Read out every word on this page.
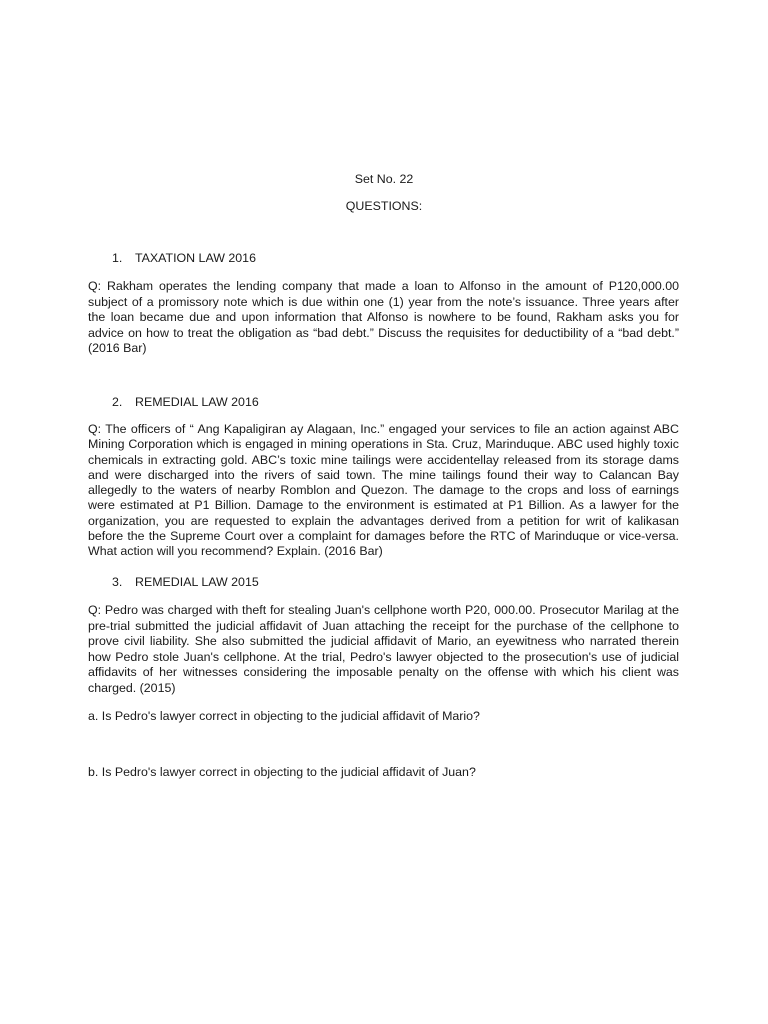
Set No. 22
QUESTIONS:
1. TAXATION LAW 2016
Q: Rakham operates the lending company that made a loan to Alfonso in the amount of P120,000.00 subject of a promissory note which is due within one (1) year from the note’s issuance. Three years after the loan became due and upon information that Alfonso is nowhere to be found, Rakham asks you for advice on how to treat the obligation as “bad debt.” Discuss the requisites for deductibility of a “bad debt.” (2016 Bar)
2. REMEDIAL LAW 2016
Q: The officers of “ Ang Kapaligiran ay Alagaan, Inc.” engaged your services to file an action against ABC Mining Corporation which is engaged in mining operations in Sta. Cruz, Marinduque. ABC used highly toxic chemicals in extracting gold. ABC’s toxic mine tailings were accidentellay released from its storage dams and were discharged into the rivers of said town. The mine tailings found their way to Calancan Bay allegedly to the waters of nearby Romblon and Quezon. The damage to the crops and loss of earnings were estimated at P1 Billion. Damage to the environment is estimated at P1 Billion. As a lawyer for the organization, you are requested to explain the advantages derived from a petition for writ of kalikasan before the the Supreme Court over a complaint for damages before the RTC of Marinduque or vice-versa. What action will you recommend? Explain. (2016 Bar)
3. REMEDIAL LAW 2015
Q: Pedro was charged with theft for stealing Juan's cellphone worth P20, 000.00. Prosecutor Marilag at the pre-trial submitted the judicial affidavit of Juan attaching the receipt for the purchase of the cellphone to prove civil liability. She also submitted the judicial affidavit of Mario, an eyewitness who narrated therein how Pedro stole Juan's cellphone. At the trial, Pedro's lawyer objected to the prosecution's use of judicial affidavits of her witnesses considering the imposable penalty on the offense with which his client was charged. (2015)
a. Is Pedro's lawyer correct in objecting to the judicial affidavit of Mario?
b. Is Pedro's lawyer correct in objecting to the judicial affidavit of Juan?
